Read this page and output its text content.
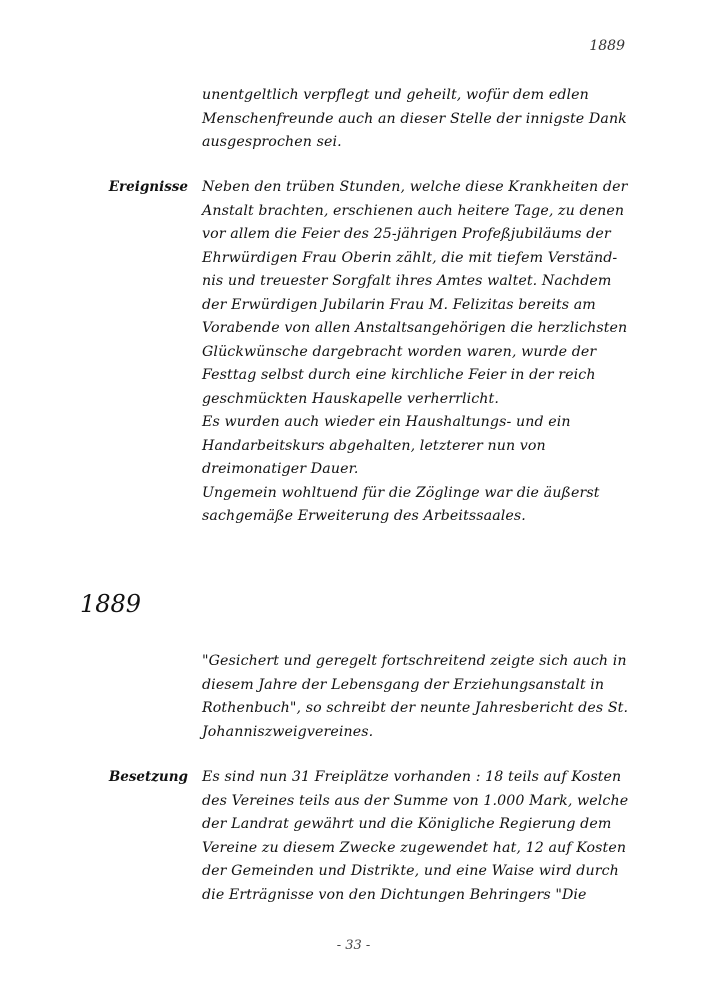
1889
unentgeltlich verpflegt und geheilt, wofür dem edlen
Menschenfreunde auch an dieser Stelle der innigste Dank
ausgesprochen sei.
Ereignisse Neben den trüben Stunden, welche diese Krankheiten der
Anstalt brachten, erschienen auch heitere Tage, zu denen
vor allem die Feier des 25-jährigen Profeßjubiläums der
Ehrwürdigen Frau Oberin zählt, die mit tiefem Verständ-
nis und treuester Sorgfalt ihres Amtes waltet. Nachdem
der Erwürdigen Jubilarin Frau M. Felizitas bereits am
Vorabende von allen Anstaltsangehörigen die herzlichsten
Glückwünsche dargebracht worden waren, wurde der
Festtag selbst durch eine kirchliche Feier in der reich
geschmückten Hauskapelle verherrlicht.
Es wurden auch wieder ein Haushaltungs- und ein
Handarbeitskurs abgehalten, letzterer nun von
dreimonatiger Dauer.
Ungemein wohltuend für die Zöglinge war die äußerst
sachgemäße Erweiterung des Arbeitssaales.
1889
"Gesichert und geregelt fortschreitend zeigte sich auch in
diesem Jahre der Lebensgang der Erziehungsanstalt in
Rothenbuch", so schreibt der neunte Jahresbericht des St.
Johanniszweigvereines.
Besetzung Es sind nun 31 Freiplätze vorhanden : 18 teils auf Kosten
des Vereines teils aus der Summe von 1.000 Mark, welche
der Landrat gewährt und die Königliche Regierung dem
Vereine zu diesem Zwecke zugewendet hat, 12 auf Kosten
der Gemeinden und Distrikte, und eine Waise wird durch
die Erträgnisse von den Dichtungen Behringers "Die
- 33 -
